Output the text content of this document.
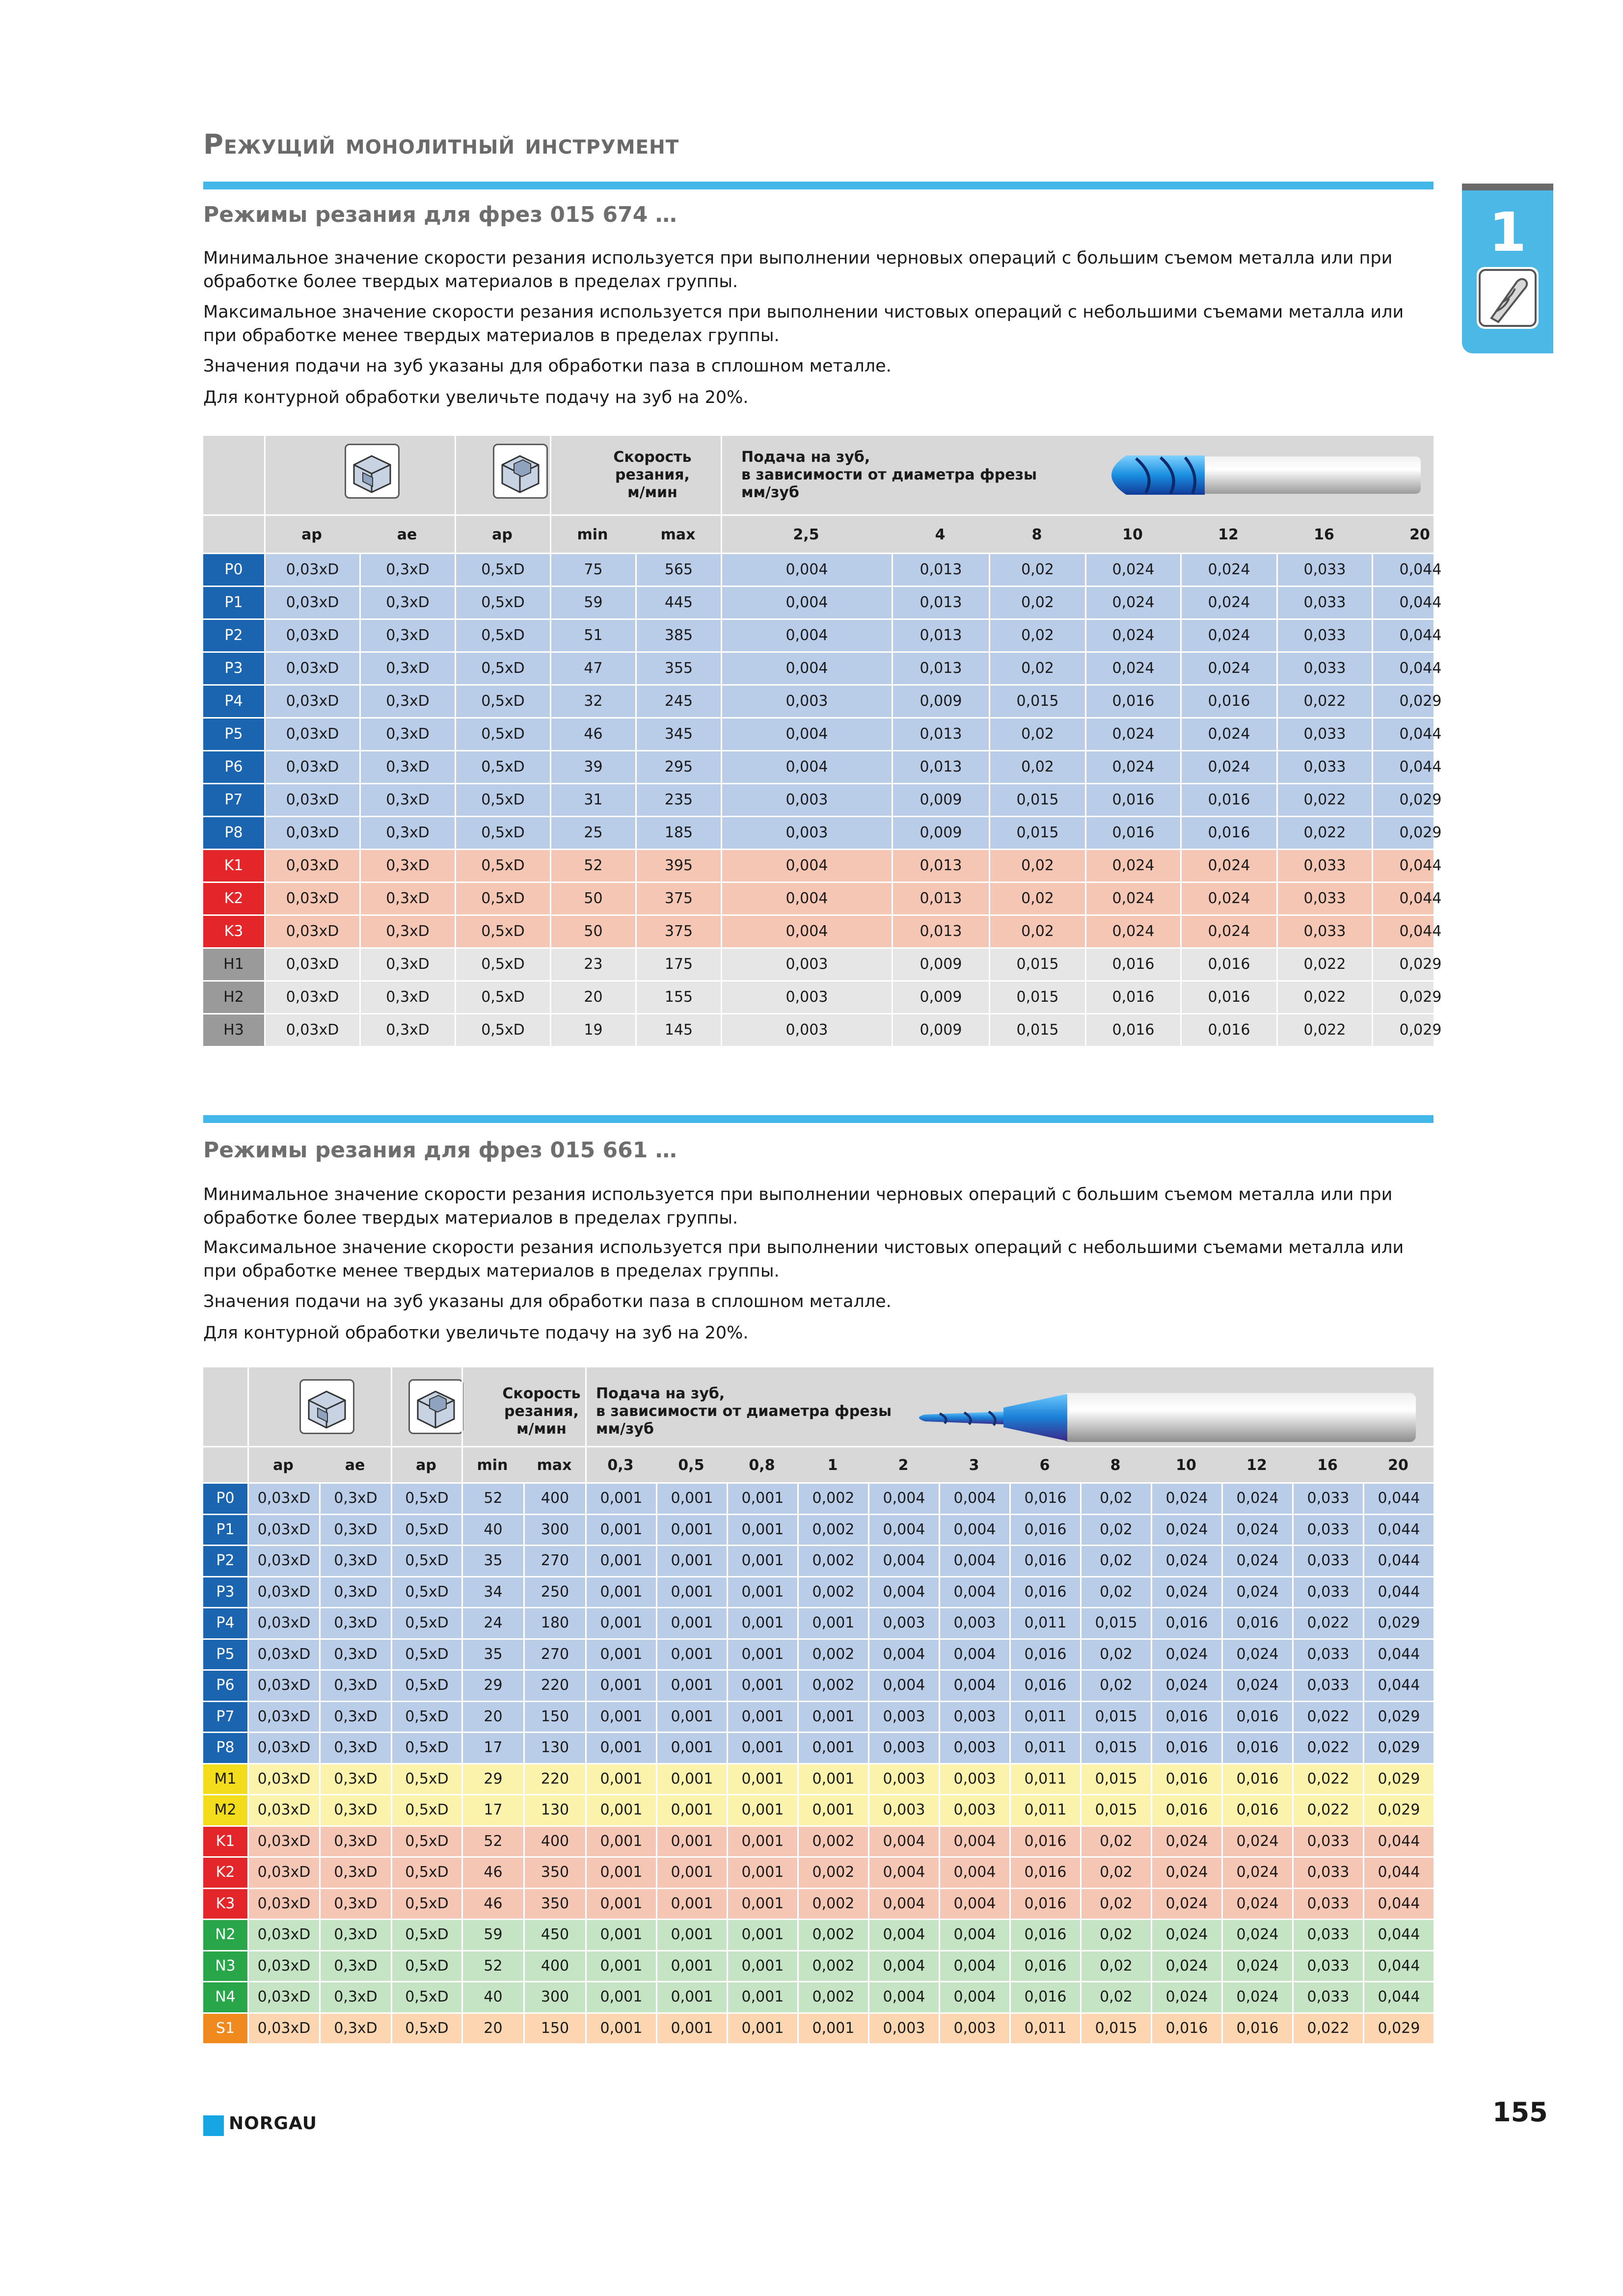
Режущий монолитный инструмент
1
Режимы резания для фрез 015 674 …
Минимальное значение скорости резания используется при выполнении черновых операций с большим съемом металла или при обработке более твердых материалов в пределах группы.
Максимальное значение скорости резания используется при выполнении чистовых операций с небольшими съемами металла или при обработке менее твердых материалов в пределах группы.
Значения подачи на зуб указаны для обработки паза в сплошном металле.
Для контурной обработки увеличьте подачу на зуб на 20%.
Скорость
резания,
м/мин
Подача на зуб,
в зависимости от диаметра фрезы
мм/зуб
ap	ae	ap	min	max	2,5	4	8	10	12	16	20
P0	0,03xD	0,3xD	0,5xD	75	565	0,004	0,013	0,02	0,024	0,024	0,033	0,044
P1	0,03xD	0,3xD	0,5xD	59	445	0,004	0,013	0,02	0,024	0,024	0,033	0,044
P2	0,03xD	0,3xD	0,5xD	51	385	0,004	0,013	0,02	0,024	0,024	0,033	0,044
P3	0,03xD	0,3xD	0,5xD	47	355	0,004	0,013	0,02	0,024	0,024	0,033	0,044
P4	0,03xD	0,3xD	0,5xD	32	245	0,003	0,009	0,015	0,016	0,016	0,022	0,029
P5	0,03xD	0,3xD	0,5xD	46	345	0,004	0,013	0,02	0,024	0,024	0,033	0,044
P6	0,03xD	0,3xD	0,5xD	39	295	0,004	0,013	0,02	0,024	0,024	0,033	0,044
P7	0,03xD	0,3xD	0,5xD	31	235	0,003	0,009	0,015	0,016	0,016	0,022	0,029
P8	0,03xD	0,3xD	0,5xD	25	185	0,003	0,009	0,015	0,016	0,016	0,022	0,029
K1	0,03xD	0,3xD	0,5xD	52	395	0,004	0,013	0,02	0,024	0,024	0,033	0,044
K2	0,03xD	0,3xD	0,5xD	50	375	0,004	0,013	0,02	0,024	0,024	0,033	0,044
K3	0,03xD	0,3xD	0,5xD	50	375	0,004	0,013	0,02	0,024	0,024	0,033	0,044
H1	0,03xD	0,3xD	0,5xD	23	175	0,003	0,009	0,015	0,016	0,016	0,022	0,029
H2	0,03xD	0,3xD	0,5xD	20	155	0,003	0,009	0,015	0,016	0,016	0,022	0,029
H3	0,03xD	0,3xD	0,5xD	19	145	0,003	0,009	0,015	0,016	0,016	0,022	0,029
Режимы резания для фрез 015 661 …
Минимальное значение скорости резания используется при выполнении черновых операций с большим съемом металла или при обработке более твердых материалов в пределах группы.
Максимальное значение скорости резания используется при выполнении чистовых операций с небольшими съемами металла или при обработке менее твердых материалов в пределах группы.
Значения подачи на зуб указаны для обработки паза в сплошном металле.
Для контурной обработки увеличьте подачу на зуб на 20%.
Скорость
резания,
м/мин
Подача на зуб,
в зависимости от диаметра фрезы
мм/зуб
ap	ae	ap	min	max	0,3	0,5	0,8	1	2	3	6	8	10	12	16	20
P0	0,03xD	0,3xD	0,5xD	52	400	0,001	0,001	0,001	0,002	0,004	0,004	0,016	0,02	0,024	0,024	0,033	0,044
P1	0,03xD	0,3xD	0,5xD	40	300	0,001	0,001	0,001	0,002	0,004	0,004	0,016	0,02	0,024	0,024	0,033	0,044
P2	0,03xD	0,3xD	0,5xD	35	270	0,001	0,001	0,001	0,002	0,004	0,004	0,016	0,02	0,024	0,024	0,033	0,044
P3	0,03xD	0,3xD	0,5xD	34	250	0,001	0,001	0,001	0,002	0,004	0,004	0,016	0,02	0,024	0,024	0,033	0,044
P4	0,03xD	0,3xD	0,5xD	24	180	0,001	0,001	0,001	0,001	0,003	0,003	0,011	0,015	0,016	0,016	0,022	0,029
P5	0,03xD	0,3xD	0,5xD	35	270	0,001	0,001	0,001	0,002	0,004	0,004	0,016	0,02	0,024	0,024	0,033	0,044
P6	0,03xD	0,3xD	0,5xD	29	220	0,001	0,001	0,001	0,002	0,004	0,004	0,016	0,02	0,024	0,024	0,033	0,044
P7	0,03xD	0,3xD	0,5xD	20	150	0,001	0,001	0,001	0,001	0,003	0,003	0,011	0,015	0,016	0,016	0,022	0,029
P8	0,03xD	0,3xD	0,5xD	17	130	0,001	0,001	0,001	0,001	0,003	0,003	0,011	0,015	0,016	0,016	0,022	0,029
M1	0,03xD	0,3xD	0,5xD	29	220	0,001	0,001	0,001	0,001	0,003	0,003	0,011	0,015	0,016	0,016	0,022	0,029
M2	0,03xD	0,3xD	0,5xD	17	130	0,001	0,001	0,001	0,001	0,003	0,003	0,011	0,015	0,016	0,016	0,022	0,029
K1	0,03xD	0,3xD	0,5xD	52	400	0,001	0,001	0,001	0,002	0,004	0,004	0,016	0,02	0,024	0,024	0,033	0,044
K2	0,03xD	0,3xD	0,5xD	46	350	0,001	0,001	0,001	0,002	0,004	0,004	0,016	0,02	0,024	0,024	0,033	0,044
K3	0,03xD	0,3xD	0,5xD	46	350	0,001	0,001	0,001	0,002	0,004	0,004	0,016	0,02	0,024	0,024	0,033	0,044
N2	0,03xD	0,3xD	0,5xD	59	450	0,001	0,001	0,001	0,002	0,004	0,004	0,016	0,02	0,024	0,024	0,033	0,044
N3	0,03xD	0,3xD	0,5xD	52	400	0,001	0,001	0,001	0,002	0,004	0,004	0,016	0,02	0,024	0,024	0,033	0,044
N4	0,03xD	0,3xD	0,5xD	40	300	0,001	0,001	0,001	0,002	0,004	0,004	0,016	0,02	0,024	0,024	0,033	0,044
S1	0,03xD	0,3xD	0,5xD	20	150	0,001	0,001	0,001	0,001	0,003	0,003	0,011	0,015	0,016	0,016	0,022	0,029
NORGAU	155
